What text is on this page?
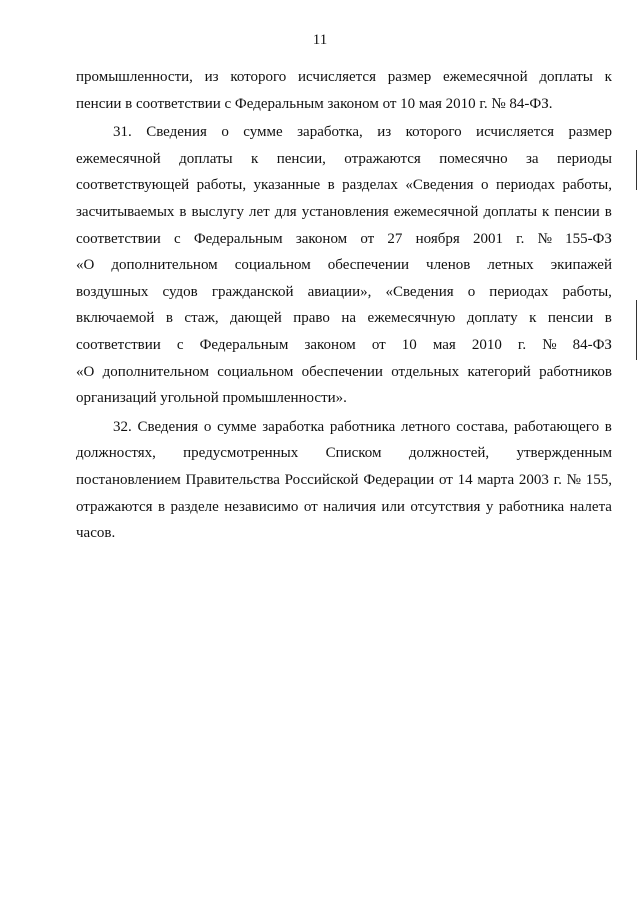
11
промышленности, из которого исчисляется размер ежемесячной доплаты к
пенсии в соответствии с Федеральным законом от 10 мая 2010 г. № 84-ФЗ.
31. Сведения о сумме заработка, из которого исчисляется размер
ежемесячной доплаты к пенсии, отражаются помесячно за периоды
соответствующей работы, указанные в разделах «Сведения о периодах работы,
засчитываемых в выслугу лет для установления ежемесячной доплаты к пенсии в
соответствии с Федеральным законом от 27 ноября 2001 г. № 155-ФЗ
«О дополнительном социальном обеспечении членов летных экипажей
воздушных судов гражданской авиации», «Сведения о периодах работы,
включаемой в стаж, дающей право на ежемесячную доплату к пенсии в
соответствии с Федеральным законом от 10 мая 2010 г. № 84-ФЗ
«О дополнительном социальном обеспечении отдельных категорий работников
организаций угольной промышленности».
32. Сведения о сумме заработка работника летного состава, работающего в
должностях, предусмотренных Списком должностей, утвержденным
постановлением Правительства Российской Федерации от 14 марта 2003 г. № 155,
отражаются в разделе независимо от наличия или отсутствия у работника налета
часов.
